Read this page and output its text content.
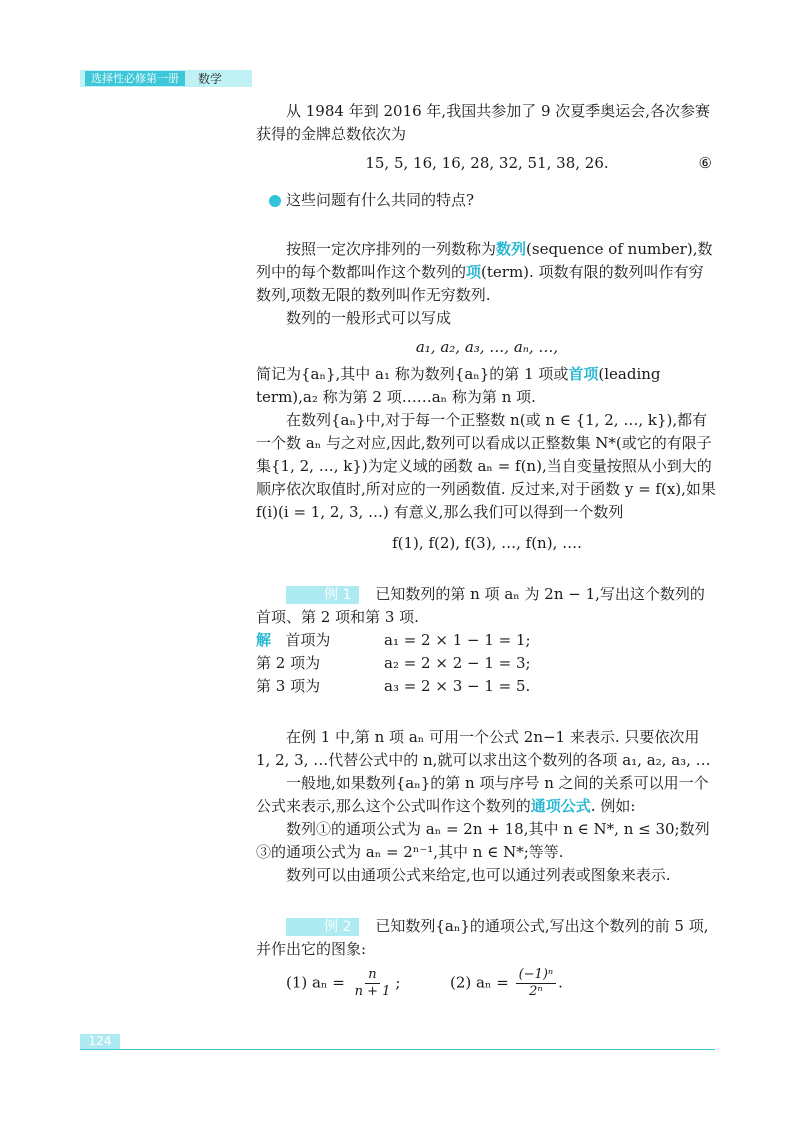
选择性必修第一册	数学

从 1984 年到 2016 年,我国共参加了 9 次夏季奥运会,各次参赛

获得的金牌总数依次为

15, 5, 16, 16, 28, 32, 51, 38, 26.	⑥

这些问题有什么共同的特点?

按照一定次序排列的一列数称为数列(sequence of number),数列中的每个数都叫作这个数列的项(term). 项数有限的数列叫作有穷数列,项数无限的数列叫作无穷数列.

数列的一般形式可以写成

a₁, a₂, a₃, …, aₙ, …,

简记为{aₙ},其中 a₁ 称为数列{aₙ}的第 1 项或首项(leading term),a₂ 称为第 2 项……aₙ 称为第 n 项.

在数列{aₙ}中,对于每一个正整数 n(或 n ∈ {1, 2, …, k}),都有一个数 aₙ 与之对应,因此,数列可以看成以正整数集 N*(或它的有限子集{1, 2, …, k})为定义域的函数 aₙ = f(n),当自变量按照从小到大的顺序依次取值时,所对应的一列函数值. 反过来,对于函数 y = f(x),如果 f(i)(i = 1, 2, 3, …) 有意义,那么我们可以得到一个数列

f(1), f(2), f(3), …, f(n), ….

例 1 已知数列的第 n 项 aₙ 为 2n − 1,写出这个数列的首项、第 2 项和第 3 项.

解 首项为	a₁ = 2 × 1 − 1 = 1;
第 2 项为	a₂ = 2 × 2 − 1 = 3;
第 3 项为	a₃ = 2 × 3 − 1 = 5.

在例 1 中,第 n 项 aₙ 可用一个公式 2n−1 来表示. 只要依次用 1, 2, 3, …代替公式中的 n,就可以求出这个数列的各项 a₁, a₂, a₃, …

一般地,如果数列{aₙ}的第 n 项与序号 n 之间的关系可以用一个公式来表示,那么这个公式叫作这个数列的通项公式. 例如:

数列①的通项公式为 aₙ = 2n + 18,其中 n ∈ N*, n ≤ 30;数列③的通项公式为 aₙ = 2ⁿ⁻¹,其中 n ∈ N*;等等.

数列可以由通项公式来给定,也可以通过列表或图象来表示.

例 2 已知数列{aₙ}的通项公式,写出这个数列的前 5 项,并作出它的图象:

(1) $a_n = \frac{n}{n + 1}$ ;	(2) $a_n = \frac{\text{(−1)ⁿ}}{\text{2ⁿ}}$ .
124
